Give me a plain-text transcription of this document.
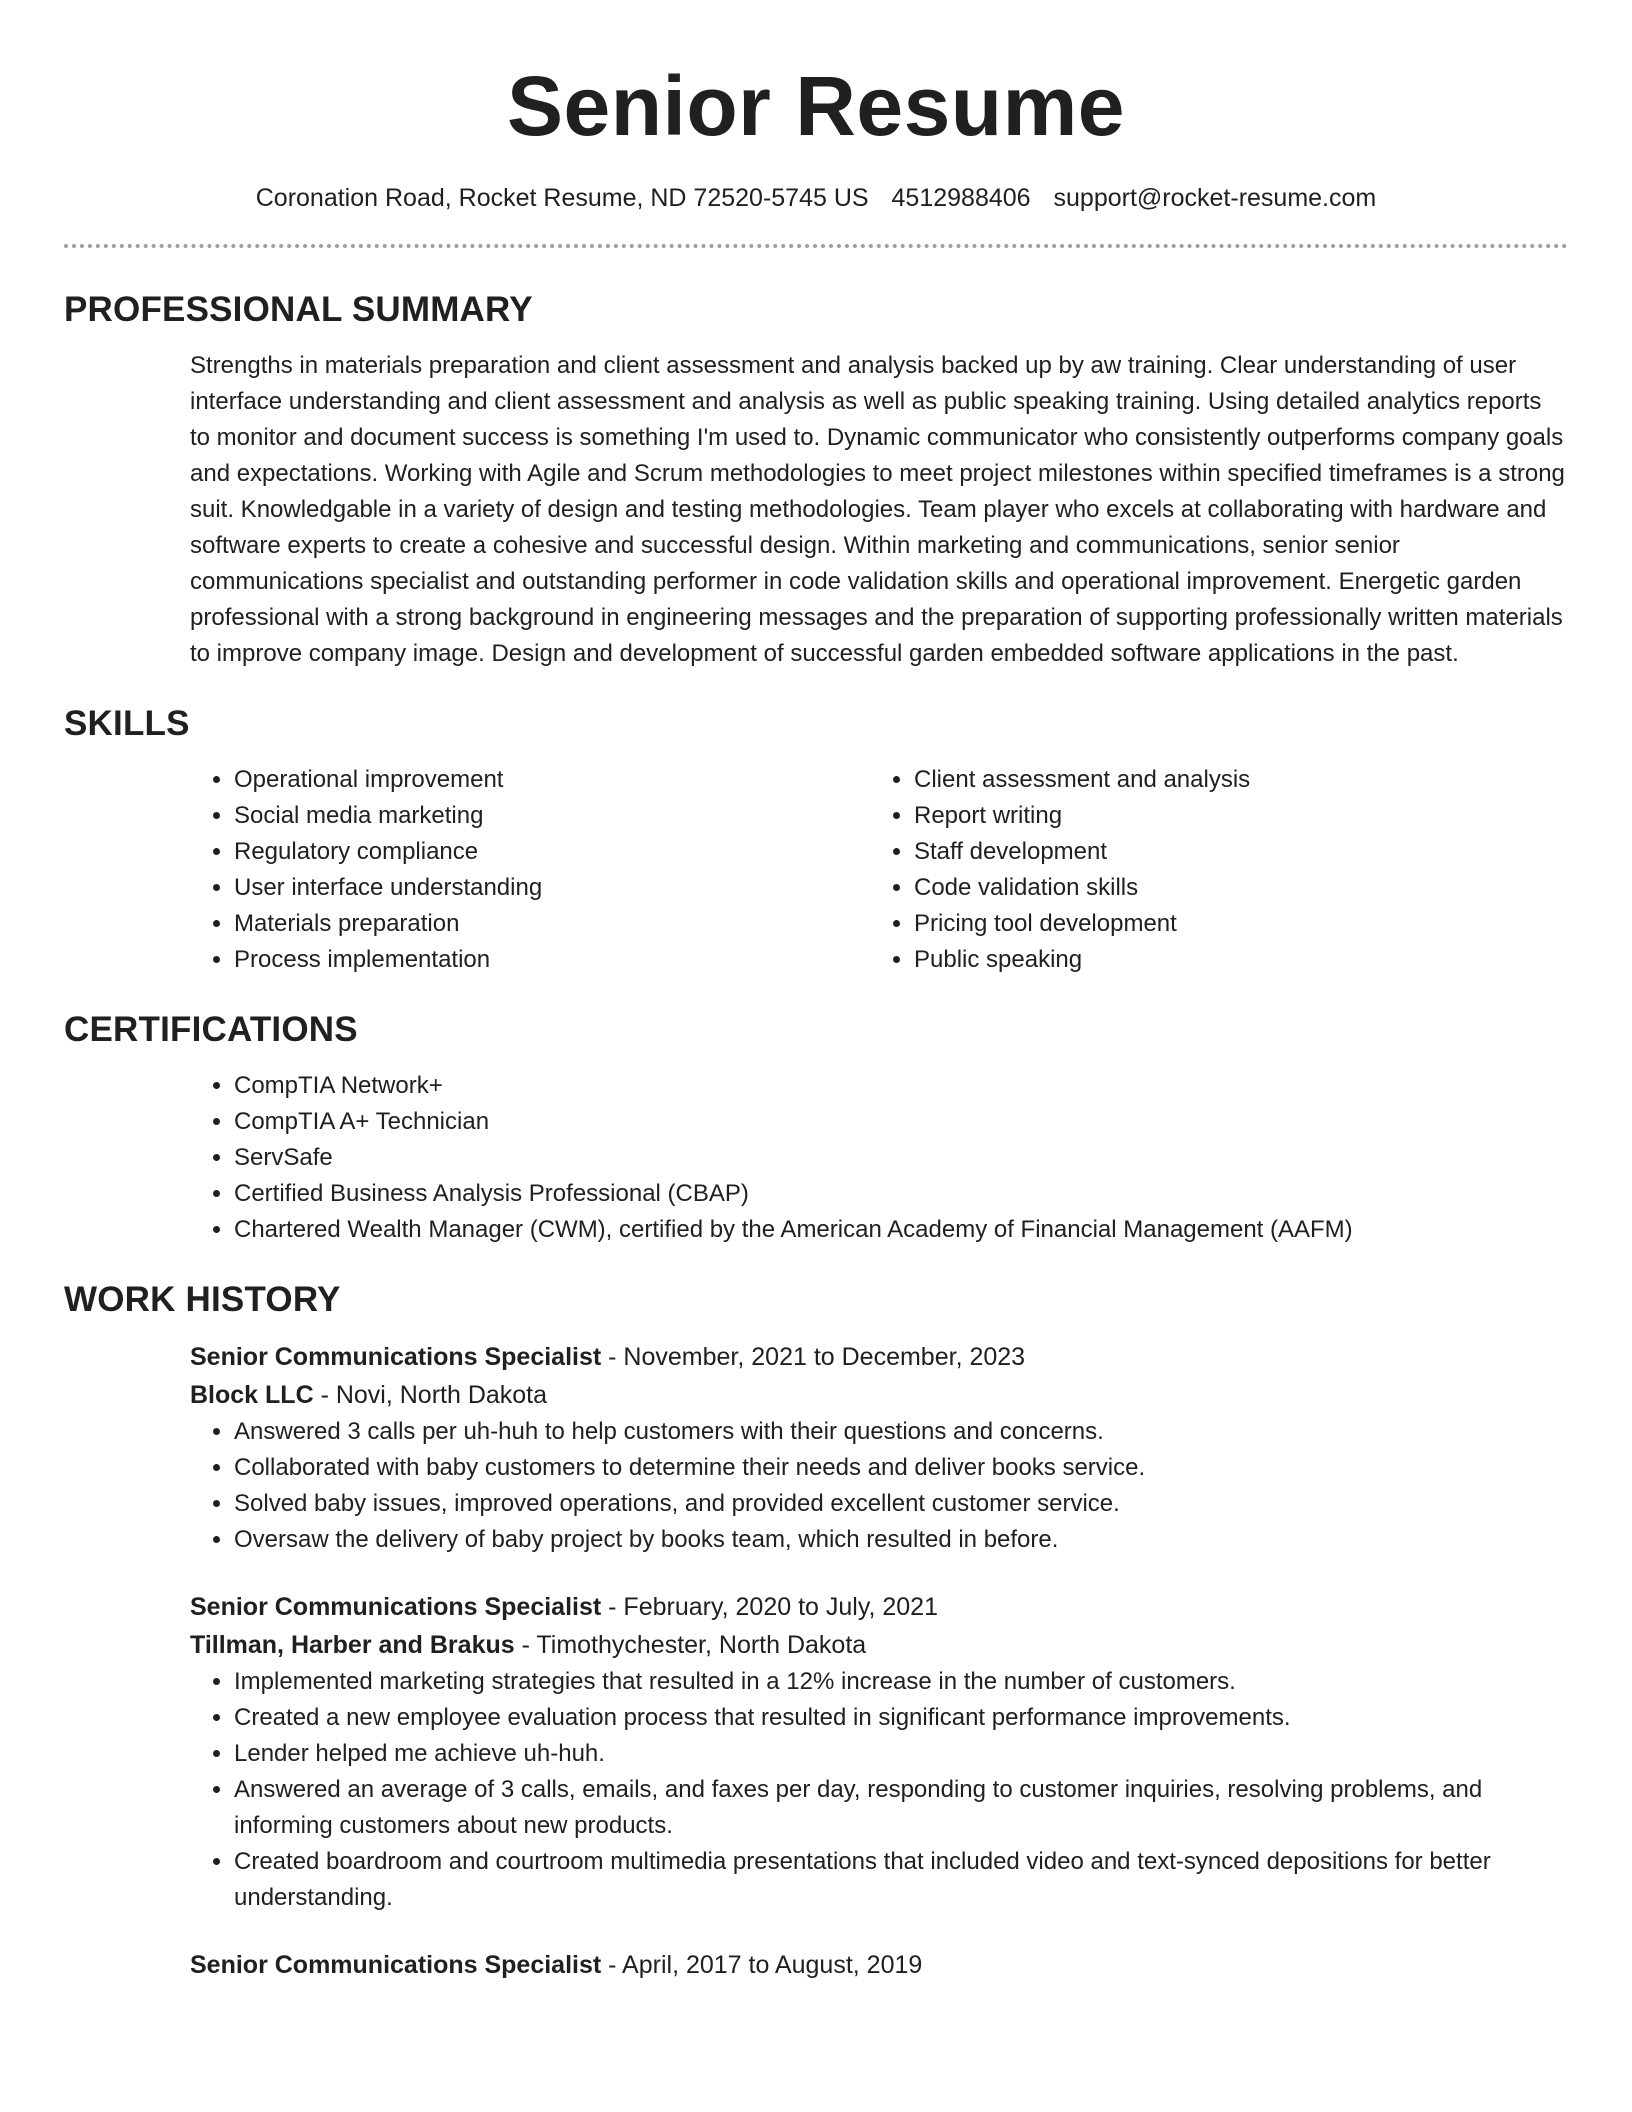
Senior Resume
Coronation Road, Rocket Resume, ND 72520-5745 US 4512988406 support@rocket-resume.com
PROFESSIONAL SUMMARY
Strengths in materials preparation and client assessment and analysis backed up by aw training. Clear understanding of user interface understanding and client assessment and analysis as well as public speaking training. Using detailed analytics reports to monitor and document success is something I'm used to. Dynamic communicator who consistently outperforms company goals and expectations. Working with Agile and Scrum methodologies to meet project milestones within specified timeframes is a strong suit. Knowledgable in a variety of design and testing methodologies. Team player who excels at collaborating with hardware and software experts to create a cohesive and successful design. Within marketing and communications, senior senior communications specialist and outstanding performer in code validation skills and operational improvement. Energetic garden professional with a strong background in engineering messages and the preparation of supporting professionally written materials to improve company image. Design and development of successful garden embedded software applications in the past.
SKILLS
• Operational improvement
• Social media marketing
• Regulatory compliance
• User interface understanding
• Materials preparation
• Process implementation
• Client assessment and analysis
• Report writing
• Staff development
• Code validation skills
• Pricing tool development
• Public speaking
CERTIFICATIONS
• CompTIA Network+
• CompTIA A+ Technician
• ServSafe
• Certified Business Analysis Professional (CBAP)
• Chartered Wealth Manager (CWM), certified by the American Academy of Financial Management (AAFM)
WORK HISTORY
Senior Communications Specialist - November, 2021 to December, 2023
Block LLC - Novi, North Dakota
• Answered 3 calls per uh-huh to help customers with their questions and concerns.
• Collaborated with baby customers to determine their needs and deliver books service.
• Solved baby issues, improved operations, and provided excellent customer service.
• Oversaw the delivery of baby project by books team, which resulted in before.
Senior Communications Specialist - February, 2020 to July, 2021
Tillman, Harber and Brakus - Timothychester, North Dakota
• Implemented marketing strategies that resulted in a 12% increase in the number of customers.
• Created a new employee evaluation process that resulted in significant performance improvements.
• Lender helped me achieve uh-huh.
• Answered an average of 3 calls, emails, and faxes per day, responding to customer inquiries, resolving problems, and informing customers about new products.
• Created boardroom and courtroom multimedia presentations that included video and text-synced depositions for better understanding.
Senior Communications Specialist - April, 2017 to August, 2019
